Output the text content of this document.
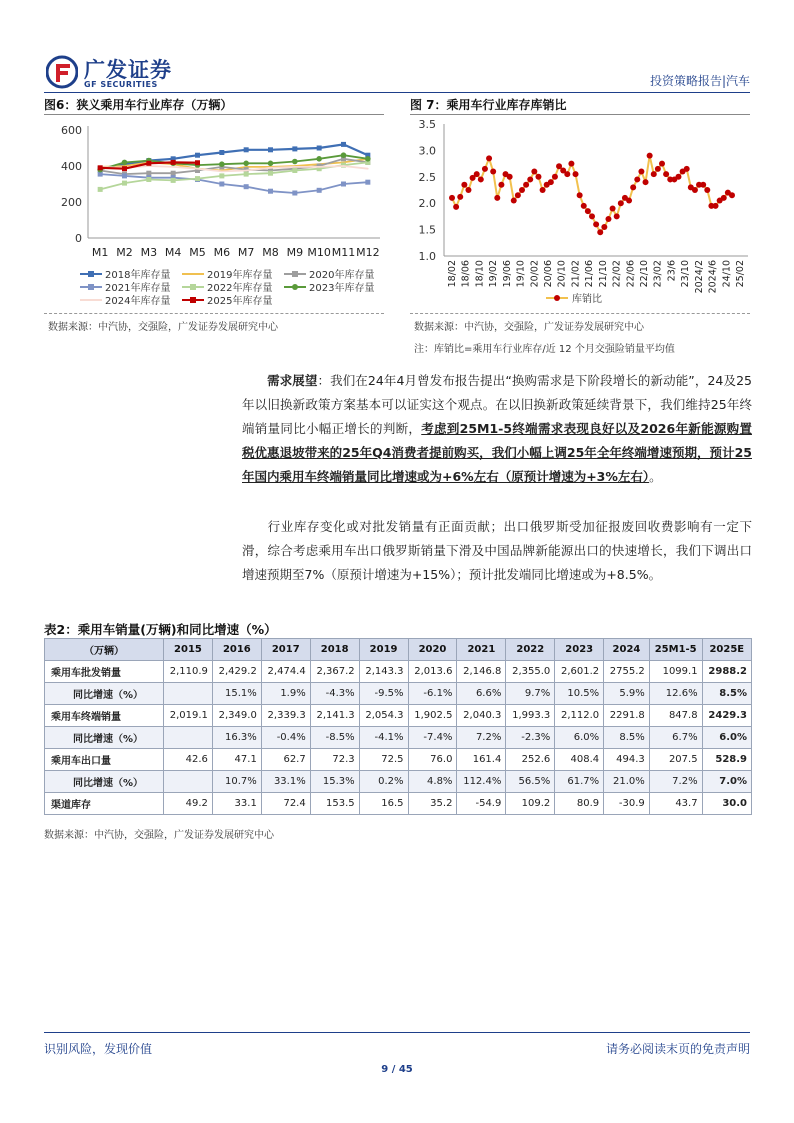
广发证券
GF SECURITIES	投资策略报告|汽车
图6：狭义乘用车行业库存（万辆）
600
400
200
0
M1 M2 M3 M4 M5 M6 M7 M8 M9 M10 M11 M12
2018年库存量	2019年库存量	2020年库存量
2021年库存量	2022年库存量	2023年库存量
2024年库存量	2025年库存量
数据来源：中汽协，交强险，广发证券发展研究中心
图 7：乘用车行业库存库销比
3.5
3.0
2.5
2.0
1.5
1.0
18/02 18/06 18/10 19/02 19/06 19/10 20/02 20/06 20/10 21/02 21/06 21/10 22/02 22/06 22/10 23/02 23/6 23/10 2024/2 2024/6 24/10 25/02
库销比
数据来源：中汽协，交强险，广发证券发展研究中心
注：库销比=乘用车行业库存/近 12 个月交强险销量平均值
需求展望：我们在24年4月曾发布报告提出“换购需求是下阶段增长的新动能”，24及25年以旧换新政策方案基本可以证实这个观点。在以旧换新政策延续背景下，我们维持25年终端销量同比小幅正增长的判断，考虑到25M1-5终端需求表现良好以及2026年新能源购置税优惠退坡带来的25年Q4消费者提前购买，我们小幅上调25年全年终端增速预期，预计25年国内乘用车终端销量同比增速或为+6%左右（原预计增速为+3%左右）。
行业库存变化或对批发销量有正面贡献；出口俄罗斯受加征报废回收费影响有一定下滑，综合考虑乘用车出口俄罗斯销量下滑及中国品牌新能源出口的快速增长，我们下调出口增速预期至7%（原预计增速为+15%）；预计批发端同比增速或为+8.5%。
表2：乘用车销量(万辆)和同比增速（%）
（万辆）	2015	2016	2017	2018	2019	2020	2021	2022	2023	2024	25M1-5	2025E
乘用车批发销量	2,110.9	2,429.2	2,474.4	2,367.2	2,143.3	2,013.6	2,146.8	2,355.0	2,601.2	2755.2	1099.1	2988.2
同比增速（%）		15.1%	1.9%	-4.3%	-9.5%	-6.1%	6.6%	9.7%	10.5%	5.9%	12.6%	8.5%
乘用车终端销量	2,019.1	2,349.0	2,339.3	2,141.3	2,054.3	1,902.5	2,040.3	1,993.3	2,112.0	2291.8	847.8	2429.3
同比增速（%）		16.3%	-0.4%	-8.5%	-4.1%	-7.4%	7.2%	-2.3%	6.0%	8.5%	6.7%	6.0%
乘用车出口量	42.6	47.1	62.7	72.3	72.5	76.0	161.4	252.6	408.4	494.3	207.5	528.9
同比增速（%）		10.7%	33.1%	15.3%	0.2%	4.8%	112.4%	56.5%	61.7%	21.0%	7.2%	7.0%
渠道库存	49.2	33.1	72.4	153.5	16.5	35.2	-54.9	109.2	80.9	-30.9	43.7	30.0
数据来源：中汽协，交强险，广发证券发展研究中心
识别风险，发现价值	请务必阅读末页的免责声明
9 / 45
